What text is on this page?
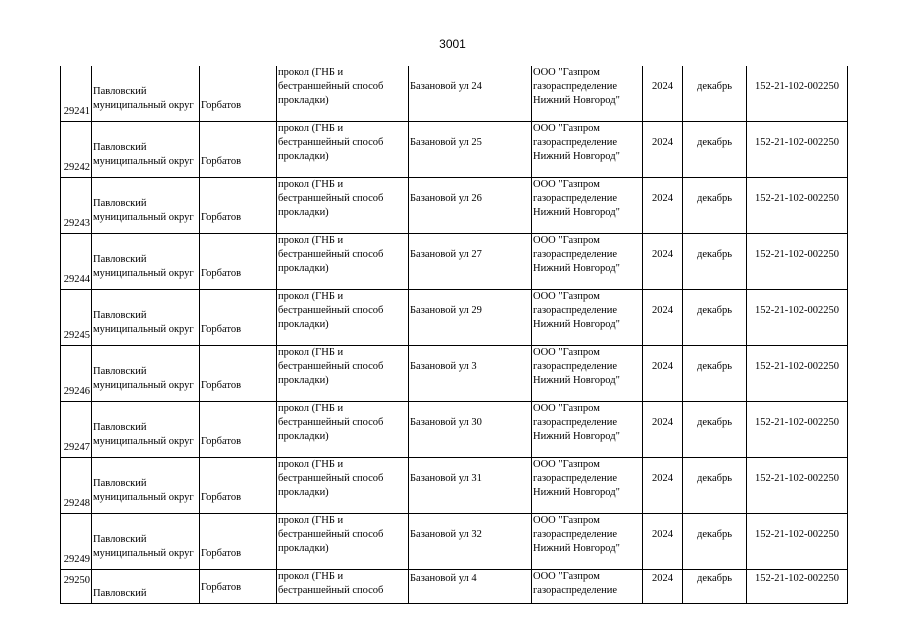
3001
29241	Павловский
муниципальный округ	Горбатов	прокол (ГНБ и
бестраншейный способ
прокладки)	Базановой ул 24	ООО "Газпром
газораспределение
Нижний Новгород"	2024	декабрь	152-21-102-002250

29242	Павловский
муниципальный округ	Горбатов	прокол (ГНБ и
бестраншейный способ
прокладки)	Базановой ул 25	ООО "Газпром
газораспределение
Нижний Новгород"	2024	декабрь	152-21-102-002250

29243	Павловский
муниципальный округ	Горбатов	прокол (ГНБ и
бестраншейный способ
прокладки)	Базановой ул 26	ООО "Газпром
газораспределение
Нижний Новгород"	2024	декабрь	152-21-102-002250

29244	Павловский
муниципальный округ	Горбатов	прокол (ГНБ и
бестраншейный способ
прокладки)	Базановой ул 27	ООО "Газпром
газораспределение
Нижний Новгород"	2024	декабрь	152-21-102-002250

29245	Павловский
муниципальный округ	Горбатов	прокол (ГНБ и
бестраншейный способ
прокладки)	Базановой ул 29	ООО "Газпром
газораспределение
Нижний Новгород"	2024	декабрь	152-21-102-002250

29246	Павловский
муниципальный округ	Горбатов	прокол (ГНБ и
бестраншейный способ
прокладки)	Базановой ул 3	ООО "Газпром
газораспределение
Нижний Новгород"	2024	декабрь	152-21-102-002250

29247	Павловский
муниципальный округ	Горбатов	прокол (ГНБ и
бестраншейный способ
прокладки)	Базановой ул 30	ООО "Газпром
газораспределение
Нижний Новгород"	2024	декабрь	152-21-102-002250

29248	Павловский
муниципальный округ	Горбатов	прокол (ГНБ и
бестраншейный способ
прокладки)	Базановой ул 31	ООО "Газпром
газораспределение
Нижний Новгород"	2024	декабрь	152-21-102-002250

29249	Павловский
муниципальный округ	Горбатов	прокол (ГНБ и
бестраншейный способ
прокладки)	Базановой ул 32	ООО "Газпром
газораспределение
Нижний Новгород"	2024	декабрь	152-21-102-002250

29250	Павловский	Горбатов	прокол (ГНБ и
бестраншейный способ	Базановой ул 4	ООО "Газпром
газораспределение	2024	декабрь	152-21-102-002250
